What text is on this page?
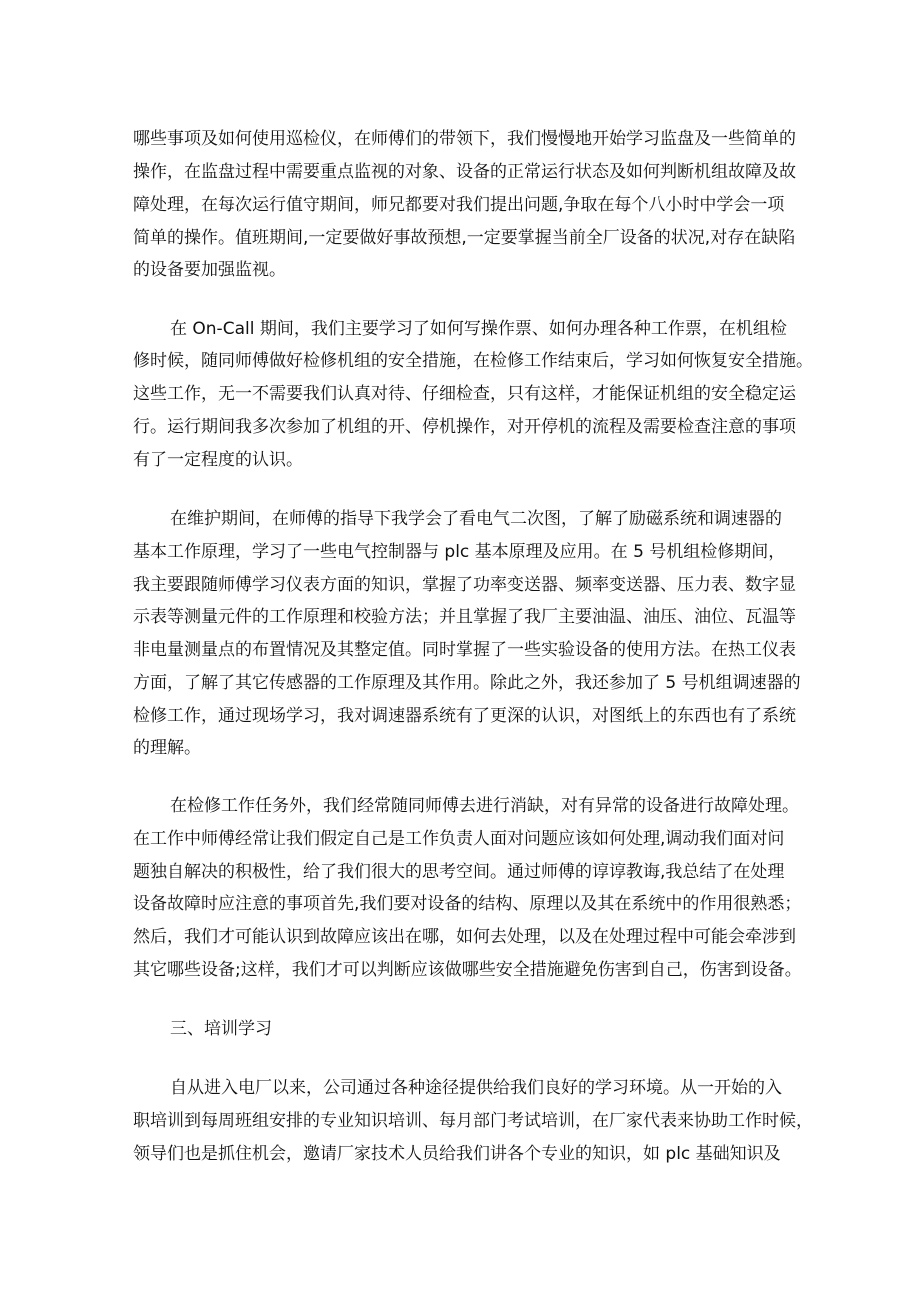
哪些事项及如何使用巡检仪，在师傅们的带领下，我们慢慢地开始学习监盘及一些简单的
操作，在监盘过程中需要重点监视的对象、设备的正常运行状态及如何判断机组故障及故
障处理，在每次运行值守期间，师兄都要对我们提出问题,争取在每个八小时中学会一项
简单的操作。值班期间,一定要做好事故预想,一定要掌握当前全厂设备的状况,对存在缺陷
的设备要加强监视。
在 On-Call 期间，我们主要学习了如何写操作票、如何办理各种工作票，在机组检
修时候，随同师傅做好检修机组的安全措施，在检修工作结束后，学习如何恢复安全措施。
这些工作，无一不需要我们认真对待、仔细检查，只有这样，才能保证机组的安全稳定运
行。运行期间我多次参加了机组的开、停机操作，对开停机的流程及需要检查注意的事项
有了一定程度的认识。
在维护期间，在师傅的指导下我学会了看电气二次图，了解了励磁系统和调速器的
基本工作原理，学习了一些电气控制器与 plc 基本原理及应用。在 5 号机组检修期间，
我主要跟随师傅学习仪表方面的知识，掌握了功率变送器、频率变送器、压力表、数字显
示表等测量元件的工作原理和校验方法；并且掌握了我厂主要油温、油压、油位、瓦温等
非电量测量点的布置情况及其整定值。同时掌握了一些实验设备的使用方法。在热工仪表
方面，了解了其它传感器的工作原理及其作用。除此之外，我还参加了 5 号机组调速器的
检修工作，通过现场学习，我对调速器系统有了更深的认识，对图纸上的东西也有了系统
的理解。
在检修工作任务外，我们经常随同师傅去进行消缺，对有异常的设备进行故障处理。
在工作中师傅经常让我们假定自己是工作负责人面对问题应该如何处理,调动我们面对问
题独自解决的积极性，给了我们很大的思考空间。通过师傅的谆谆教诲,我总结了在处理
设备故障时应注意的事项首先,我们要对设备的结构、原理以及其在系统中的作用很熟悉；
然后，我们才可能认识到故障应该出在哪，如何去处理，以及在处理过程中可能会牵涉到
其它哪些设备;这样，我们才可以判断应该做哪些安全措施避免伤害到自己，伤害到设备。
三、培训学习
自从进入电厂以来，公司通过各种途径提供给我们良好的学习环境。从一开始的入
职培训到每周班组安排的专业知识培训、每月部门考试培训，在厂家代表来协助工作时候，
领导们也是抓住机会，邀请厂家技术人员给我们讲各个专业的知识，如 plc 基础知识及
